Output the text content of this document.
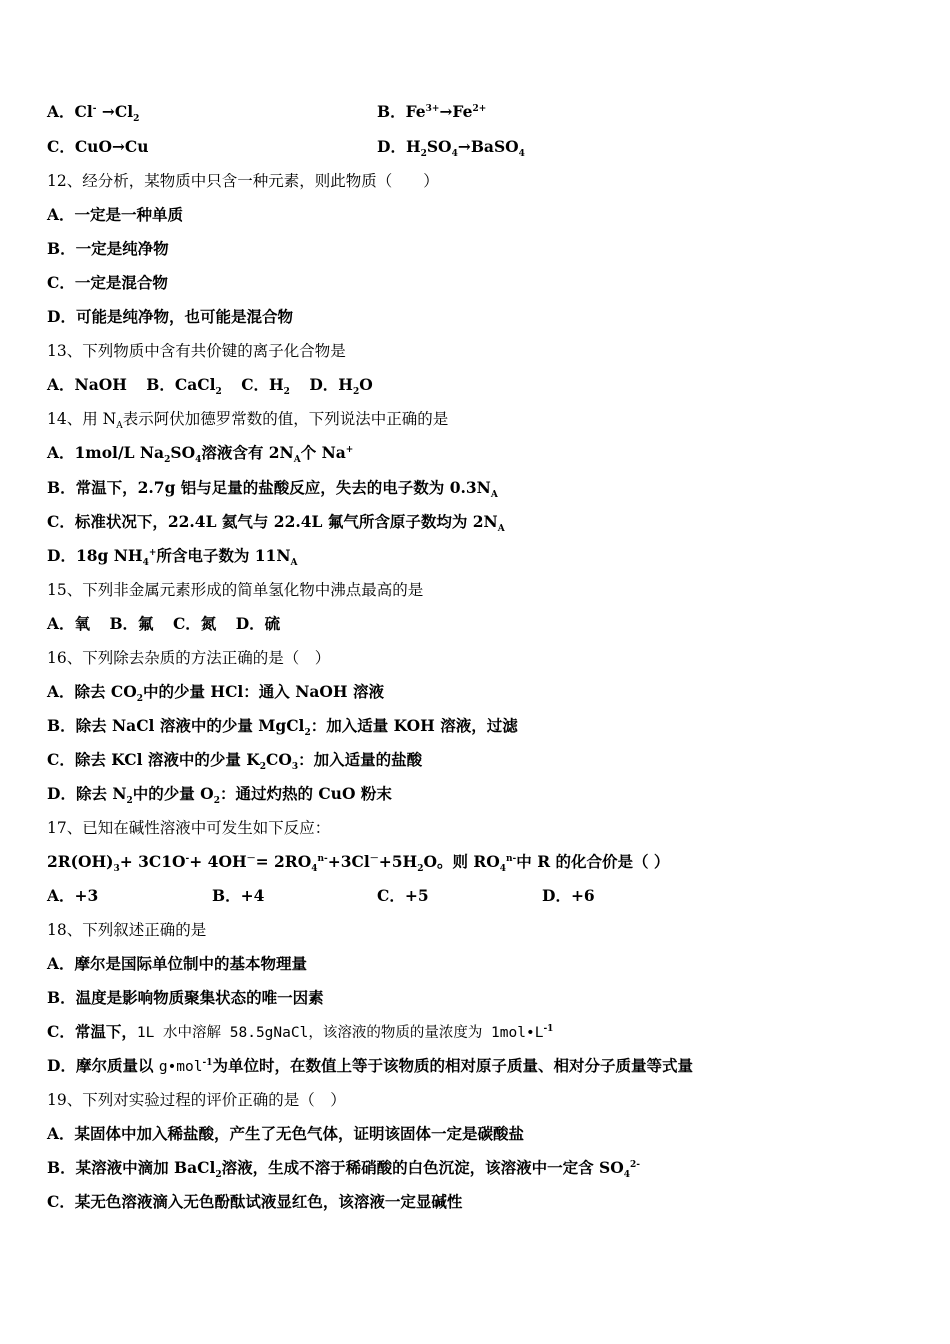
A．$Cl^- \to Cl_2$	B．$Fe^{3+}\to Fe^{2+}$
C．CuO→Cu	D．$H_2SO_4\to BaSO_4$
12、经分析，某物质中只含一种元素，则此物质（　　）
A．一定是一种单质
B．一定是纯净物
C．一定是混合物
D．可能是纯净物，也可能是混合物
13、下列物质中含有共价键的离子化合物是
A．NaOH B．CaCl$_2$ C．$H_2$ D．$H_2O$
14、用 $N_A$表示阿伏加德罗常数的值，下列说法中正确的是
A．1mol/L $Na_2SO_4$溶液含有 $2N_A$个 Na+
B．常温下，2.7g 铝与足量的盐酸反应，失去的电子数为 $0.3N_A$
C．标准状况下，22.4L 氦气与 22.4L 氟气所含原子数均为 $2N_A$
D．18g $NH_4^+$所含电子数为 $11N_A$
15、下列非金属元素形成的简单氢化物中沸点最高的是
A．氧 B．氟 C．氮 D．硫
16、下列除去杂质的方法正确的是（　）
A．除去 $CO_2$中的少量 HCl：通入 NaOH 溶液
B．除去 NaCl 溶液中的少量 MgCl$_2$：加入适量 KOH 溶液，过滤
C．除去 KCl 溶液中的少量 $K_2CO_3$：加入适量的盐酸
D．除去 $N_2$中的少量 $O_2$：通过灼热的 CuO 粉末
17、已知在碱性溶液中可发生如下反应：
$2R(OH)_3+ 3C1O^-+ 4OH^-= 2RO_4^{n-}+3Cl^-+5H_2O$。则 $RO_4^{n-}$中 R 的化合价是（ ）
A．+3	B．+4	C．+5	D．+6
18、下列叙述正确的是
A．摩尔是国际单位制中的基本物理量
B．温度是影响物质聚集状态的唯一因素
C．常温下，1L 水中溶解 58.5gNaCl，该溶液的物质的量浓度为 $1mol•L^{-1}$
D．摩尔质量以 g•mol$^{-1}$为单位时，在数值上等于该物质的相对原子质量、相对分子质量等式量
19、下列对实验过程的评价正确的是（　）
A．某固体中加入稀盐酸，产生了无色气体，证明该固体一定是碳酸盐
B．某溶液中滴加 BaCl$_2$溶液，生成不溶于稀硝酸的白色沉淀，该溶液中一定含 $SO_4^{2-}$
C．某无色溶液滴入无色酚酞试液显红色，该溶液一定显碱性
